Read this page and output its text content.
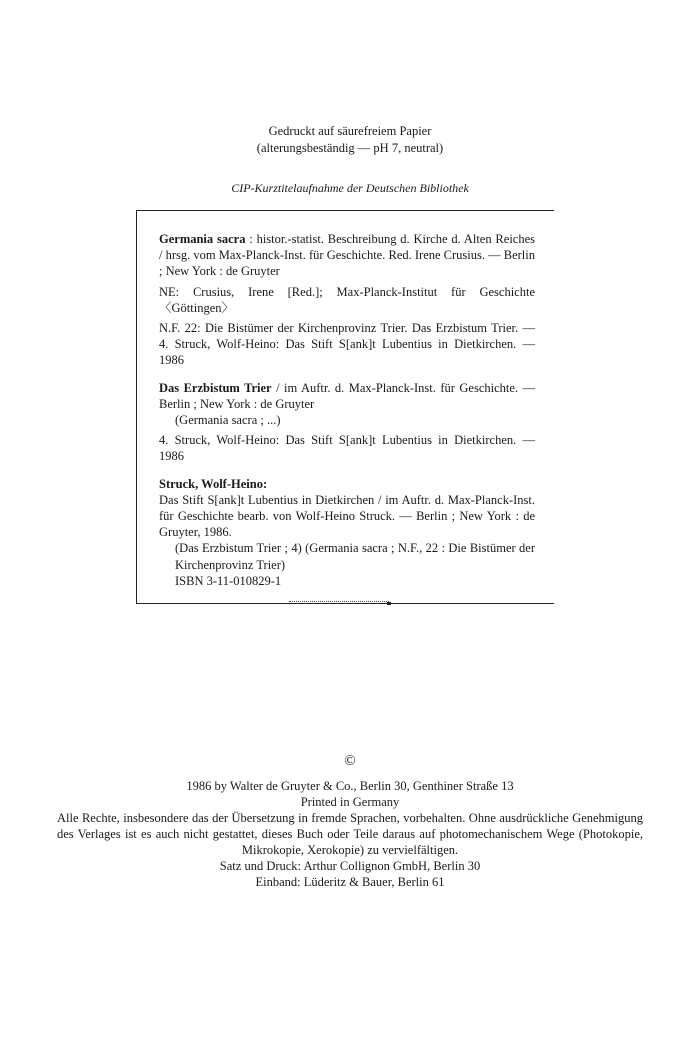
Gedruckt auf säurefreiem Papier
(alterungsbeständig — pH 7, neutral)
CIP-Kurztitelaufnahme der Deutschen Bibliothek

Germania sacra : histor.-statist. Beschreibung d. Kirche d. Alten Reiches / hrsg. vom Max-Planck-Inst. für Geschichte. Red. Irene Crusius. — Berlin ; New York : de Gruyter

NE: Crusius, Irene [Red.]; Max-Planck-Institut für Geschichte 〈Göttingen〉

N.F. 22: Die Bistümer der Kirchenprovinz Trier. Das Erzbistum Trier. — 4. Struck, Wolf-Heino: Das Stift S[ank]t Lubentius in Dietkirchen. — 1986

Das Erzbistum Trier / im Auftr. d. Max-Planck-Inst. für Geschichte. — Berlin ; New York : de Gruyter

(Germania sacra ; ...)

4. Struck, Wolf-Heino: Das Stift S[ank]t Lubentius in Dietkirchen. — 1986

Struck, Wolf-Heino:

Das Stift S[ank]t Lubentius in Dietkirchen / im Auftr. d. Max-Planck-Inst. für Geschichte bearb. von Wolf-Heino Struck. — Berlin ; New York : de Gruyter, 1986.

(Das Erzbistum Trier ; 4) (Germania sacra ; N.F., 22 : Die Bistümer der Kirchenprovinz Trier)

ISBN 3-11-010829-1

©
1986 by Walter de Gruyter & Co., Berlin 30, Genthiner Straße 13
Printed in Germany
Alle Rechte, insbesondere das der Übersetzung in fremde Sprachen, vorbehalten. Ohne ausdrückliche Genehmigung des Verlages ist es auch nicht gestattet, dieses Buch oder Teile daraus auf photomechanischem Wege (Photokopie, Mikrokopie, Xerokopie) zu vervielfältigen.
Satz und Druck: Arthur Collignon GmbH, Berlin 30
Einband: Lüderitz & Bauer, Berlin 61
